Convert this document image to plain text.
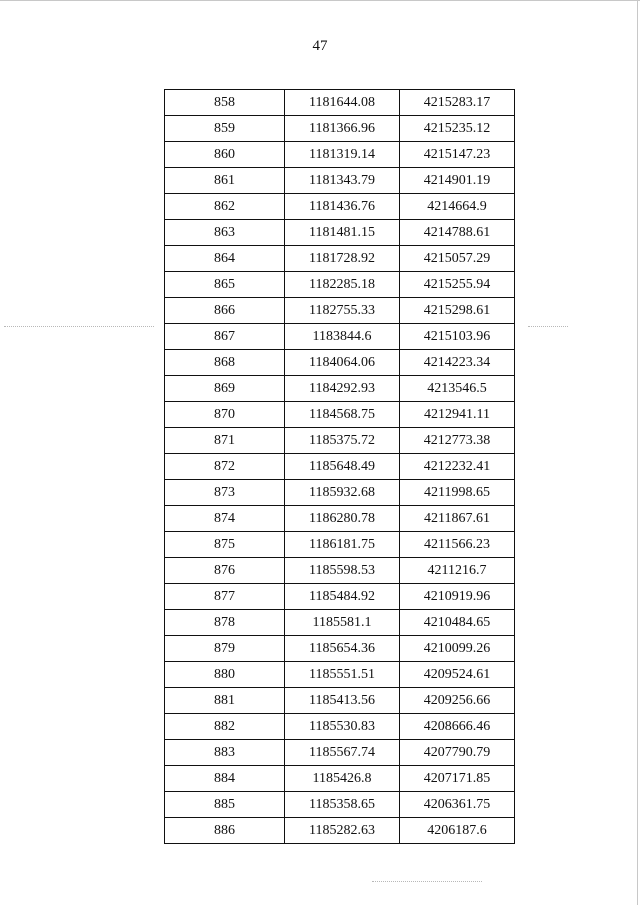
47
858	1181644.08	4215283.17
859	1181366.96	4215235.12
860	1181319.14	4215147.23
861	1181343.79	4214901.19
862	1181436.76	4214664.9
863	1181481.15	4214788.61
864	1181728.92	4215057.29
865	1182285.18	4215255.94
866	1182755.33	4215298.61
867	1183844.6	4215103.96
868	1184064.06	4214223.34
869	1184292.93	4213546.5
870	1184568.75	4212941.11
871	1185375.72	4212773.38
872	1185648.49	4212232.41
873	1185932.68	4211998.65
874	1186280.78	4211867.61
875	1186181.75	4211566.23
876	1185598.53	4211216.7
877	1185484.92	4210919.96
878	1185581.1	4210484.65
879	1185654.36	4210099.26
880	1185551.51	4209524.61
881	1185413.56	4209256.66
882	1185530.83	4208666.46
883	1185567.74	4207790.79
884	1185426.8	4207171.85
885	1185358.65	4206361.75
886	1185282.63	4206187.6
